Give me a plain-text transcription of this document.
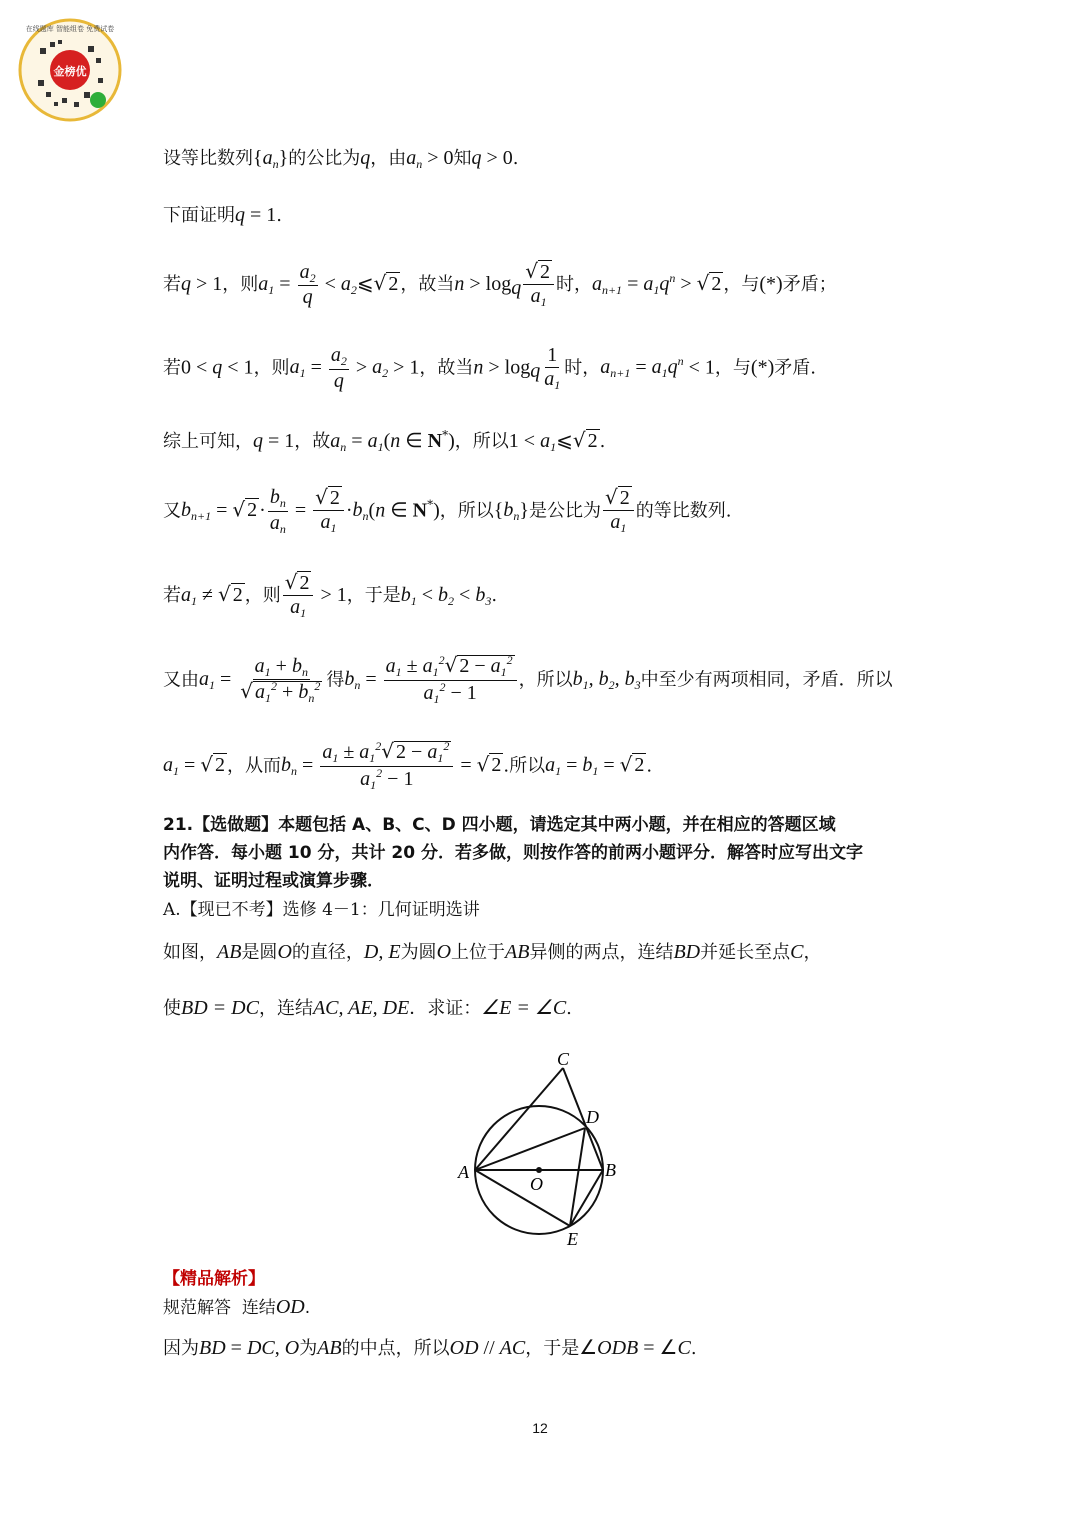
在线题库 智能组卷 免费试卷
金榜优
设等比数列$\{a_n\}$的公比为q，由$a_n > 0$知q > 0.
下面证明q = 1.
若q > 1，则$a_1 = \frac{a_2}{q}$ < $a_2⩽√$ 2 ，故当$n > \log_q \frac{√ 2}{a_1}$ 时，$a_{n+1} = a_1q^n$ > √ 2 ，与(*)矛盾；
若0 < q < 1，则$a_1 = \frac{a_2}{q} > a_2 > 1$，故当$n > \log_q \frac{1}{a_1}$ 时，$a_{n+1} = a_1q^n < 1$，与(*)矛盾.
综上可知，q = 1，故$a_n = a_1(n$ ∈ N*)，所以$1 < a_1⩽√$ 2 .
又$b_{n+1}$ = √ $2 \cdot \frac{b_n}{a_n} = \frac{√ 2}{a_1} \cdot b_n(n$ ∈ N*)，所以$\{b_n\}$是公比为 $\frac{√ 2}{a_1}$ 的等比数列.
若$a_1$ ≠ √ 2 ，则 $\frac{√ 2}{a_1} > 1$，于是$b_1 < b_2 < b_3$.
又由$a_1 = \frac{a_1 + b_n}{√ a_1^2 + b_n^2}$ 得$b_n = \frac{a_1 \pm a_1^2√ 2 - a_1^2}{a_1^2 - 1}$ ，所以$b_1$, $b_2$, $b_3$中至少有两项相同，矛盾．所以
$a_1$ = √ 2 ，从而$b_n = \frac{a_1 \pm a_1^2√ 2 - a_1^2}{a_1^2 - 1}$ = √ 2 .所以$a_1 = b_1$ = √ 2 .
21.【选做题】本题包括 A、B、C、D 四小题，请选定其中两小题，并在相应的答题区域
内作答．每小题 10 分，共计 20 分．若多做，则按作答的前两小题评分．解答时应写出文字
说明、证明过程或演算步骤．
A.【现已不考】选修 4－1：几何证明选讲
如图，AB是圆O的直径，D, E为圆O上位于AB异侧的两点，连结BD并延长至点C，
使BD = DC，连结AC, AE, DE．求证：∠E = ∠C.
A	B
C
D
E
O
【精品解析】
规范解答 连结OD.
因为BD = DC, O为AB的中点，所以OD // AC，于是∠ODB = ∠C.
12
